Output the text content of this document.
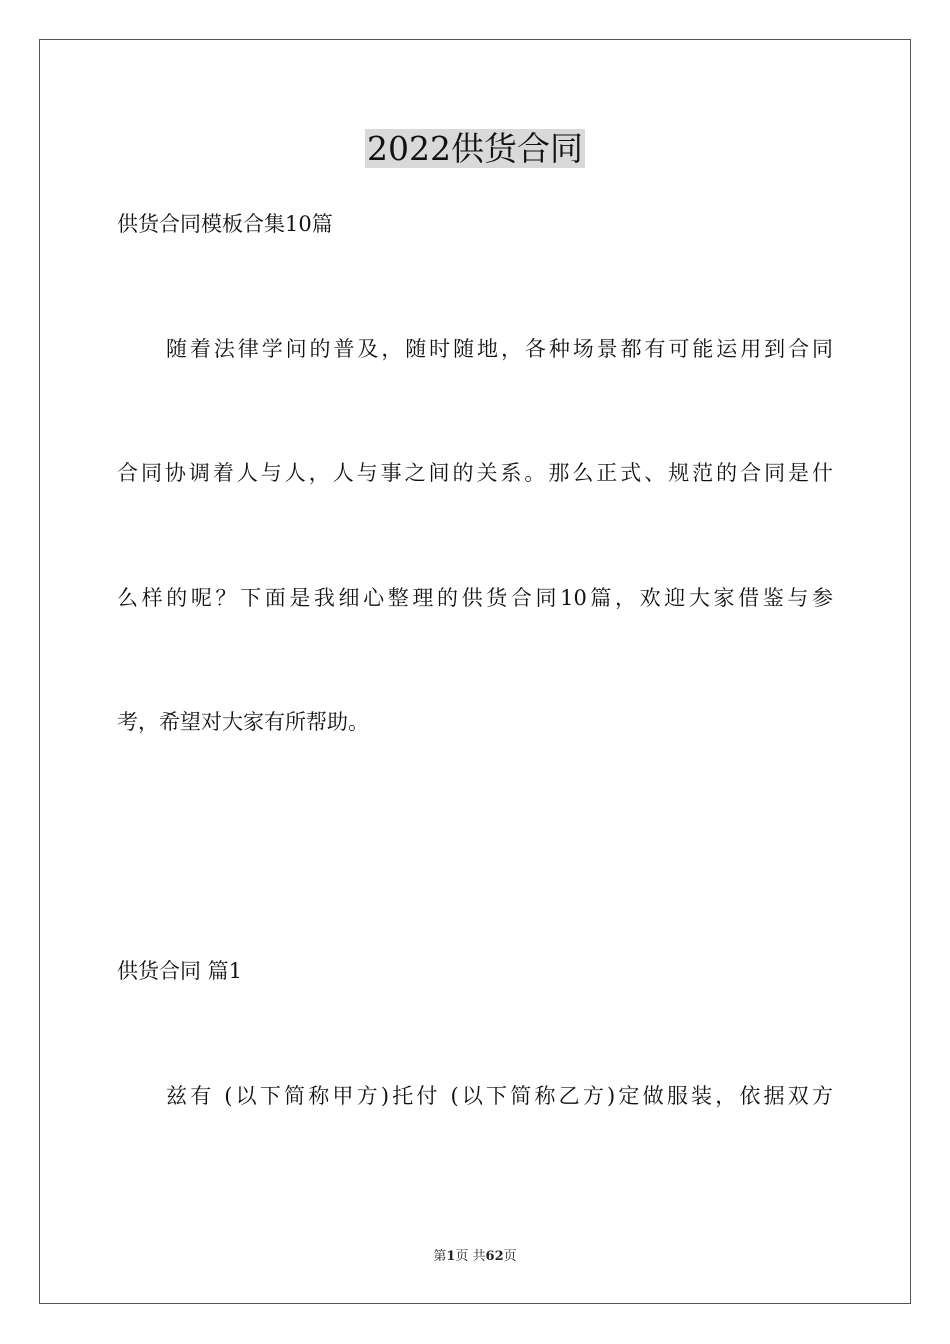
2022供货合同
供货合同模板合集10篇
随着法律学问的普及，随时随地，各种场景都有可能运用到合同
合同协调着人与人，人与事之间的关系。那么正式、规范的合同是什
么样的呢？下面是我细心整理的供货合同10篇，欢迎大家借鉴与参
考，希望对大家有所帮助。
供货合同 篇1
兹有 (以下简称甲方)托付 (以下简称乙方)定做服装，依据双方
第1页 共62页
